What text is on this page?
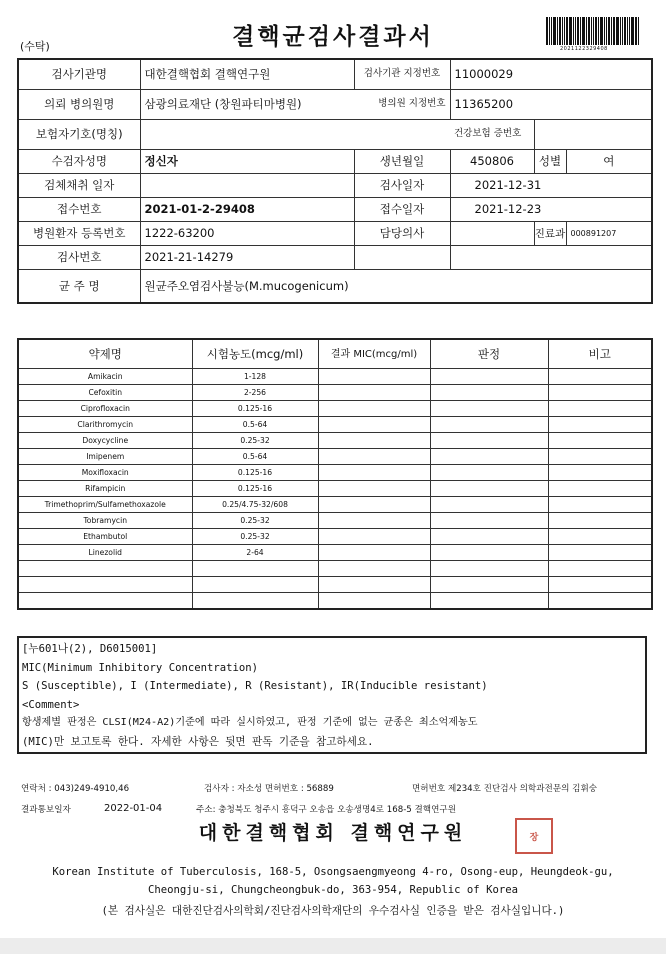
(수탁)	결핵균검사결과서	2021122329408
검사기관명	대한결핵협회 결핵연구원	검사기관 지정번호	11000029		
의뢰 병의원명	삼광의료재단 (창원파티마병원)	병의원 지정번호	11365200		
보험자기호(명칭)			건강보험 증번호		
수검자성명	정신자	생년월일	450806	성별	여
검체채취 일자		검사일자	2021-12-31		
접수번호	2021-01-2-29408	접수일자	2021-12-23		
병원환자 등록번호	1222-63200	담당의사		진료과	000891207
검사번호	2021-21-14279				
균 주 명	원균주오염검사불능(M.mucogenicum)				
약제명	시험농도(mcg/ml)	결과 MIC(mcg/ml)	판정	비고
Amikacin	1-128			
Cefoxitin	2-256			
Ciprofloxacin	0.125-16			
Clarithromycin	0.5-64			
Doxycycline	0.25-32			
Imipenem	0.5-64			
Moxifloxacin	0.125-16			
Rifampicin	0.125-16			
Trimethoprim/Sulfamethoxazole	0.25/4.75-32/608			
Tobramycin	0.25-32			
Ethambutol	0.25-32			
Linezolid	2-64			

[누601나(2), D6015001]
MIC(Minimum Inhibitory Concentration)
S (Susceptible), I (Intermediate), R (Resistant), IR(Inducible resistant)
<Comment>
항생제별 판정은 CLSI(M24-A2)기준에 따라 실시하였고, 판정 기준에 없는 균종은 최소억제농도
(MIC)만 보고토록 한다. 자세한 사항은 뒷면 판독 기준을 참고하세요.
연락처 : 043)249-4910,46	검사자 : 자소성 면허번호 : 56889	면허번호 제234호 진단검사 의학과전문의 김휘숭
결과통보일자	2022-01-04	주소: 충청북도 청주시 흥덕구 오송읍 오송생명4로 168-5 결핵연구원
대한결핵협회 결핵연구원	장
Korean Institute of Tuberculosis, 168-5, Osongsaengmyeong 4-ro, Osong-eup, Heungdeok-gu,
Cheongju-si, Chungcheongbuk-do, 363-954, Republic of Korea
(본 검사실은 대한진단검사의학회/진단검사의학재단의 우수검사실 인증을 받은 검사실입니다.)
